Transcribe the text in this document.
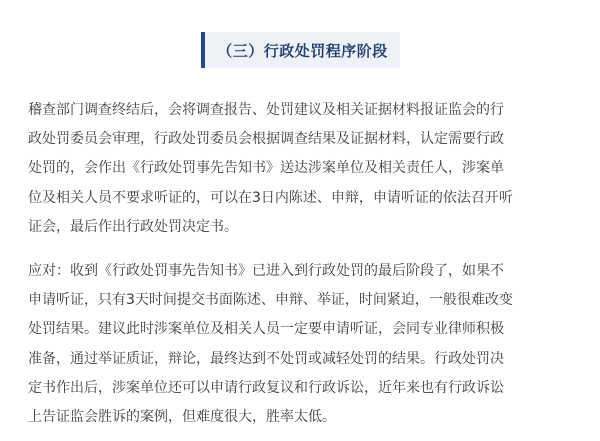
（三）行政处罚程序阶段
稽查部门调查终结后，会将调查报告、处罚建议及相关证据材料报证监会的行
政处罚委员会审理，行政处罚委员会根据调查结果及证据材料，认定需要行政
处罚的，会作出《行政处罚事先告知书》送达涉案单位及相关责任人，涉案单
位及相关人员不要求听证的，可以在3日内陈述、申辩，申请听证的依法召开听
证会，最后作出行政处罚决定书。
应对：收到《行政处罚事先告知书》已进入到行政处罚的最后阶段了，如果不
申请听证，只有3天时间提交书面陈述、申辩、举证，时间紧迫，一般很难改变
处罚结果。建议此时涉案单位及相关人员一定要申请听证，会同专业律师积极
准备，通过举证质证，辩论，最终达到不处罚或减轻处罚的结果。行政处罚决
定书作出后，涉案单位还可以申请行政复议和行政诉讼，近年来也有行政诉讼
上告证监会胜诉的案例，但难度很大，胜率太低。
